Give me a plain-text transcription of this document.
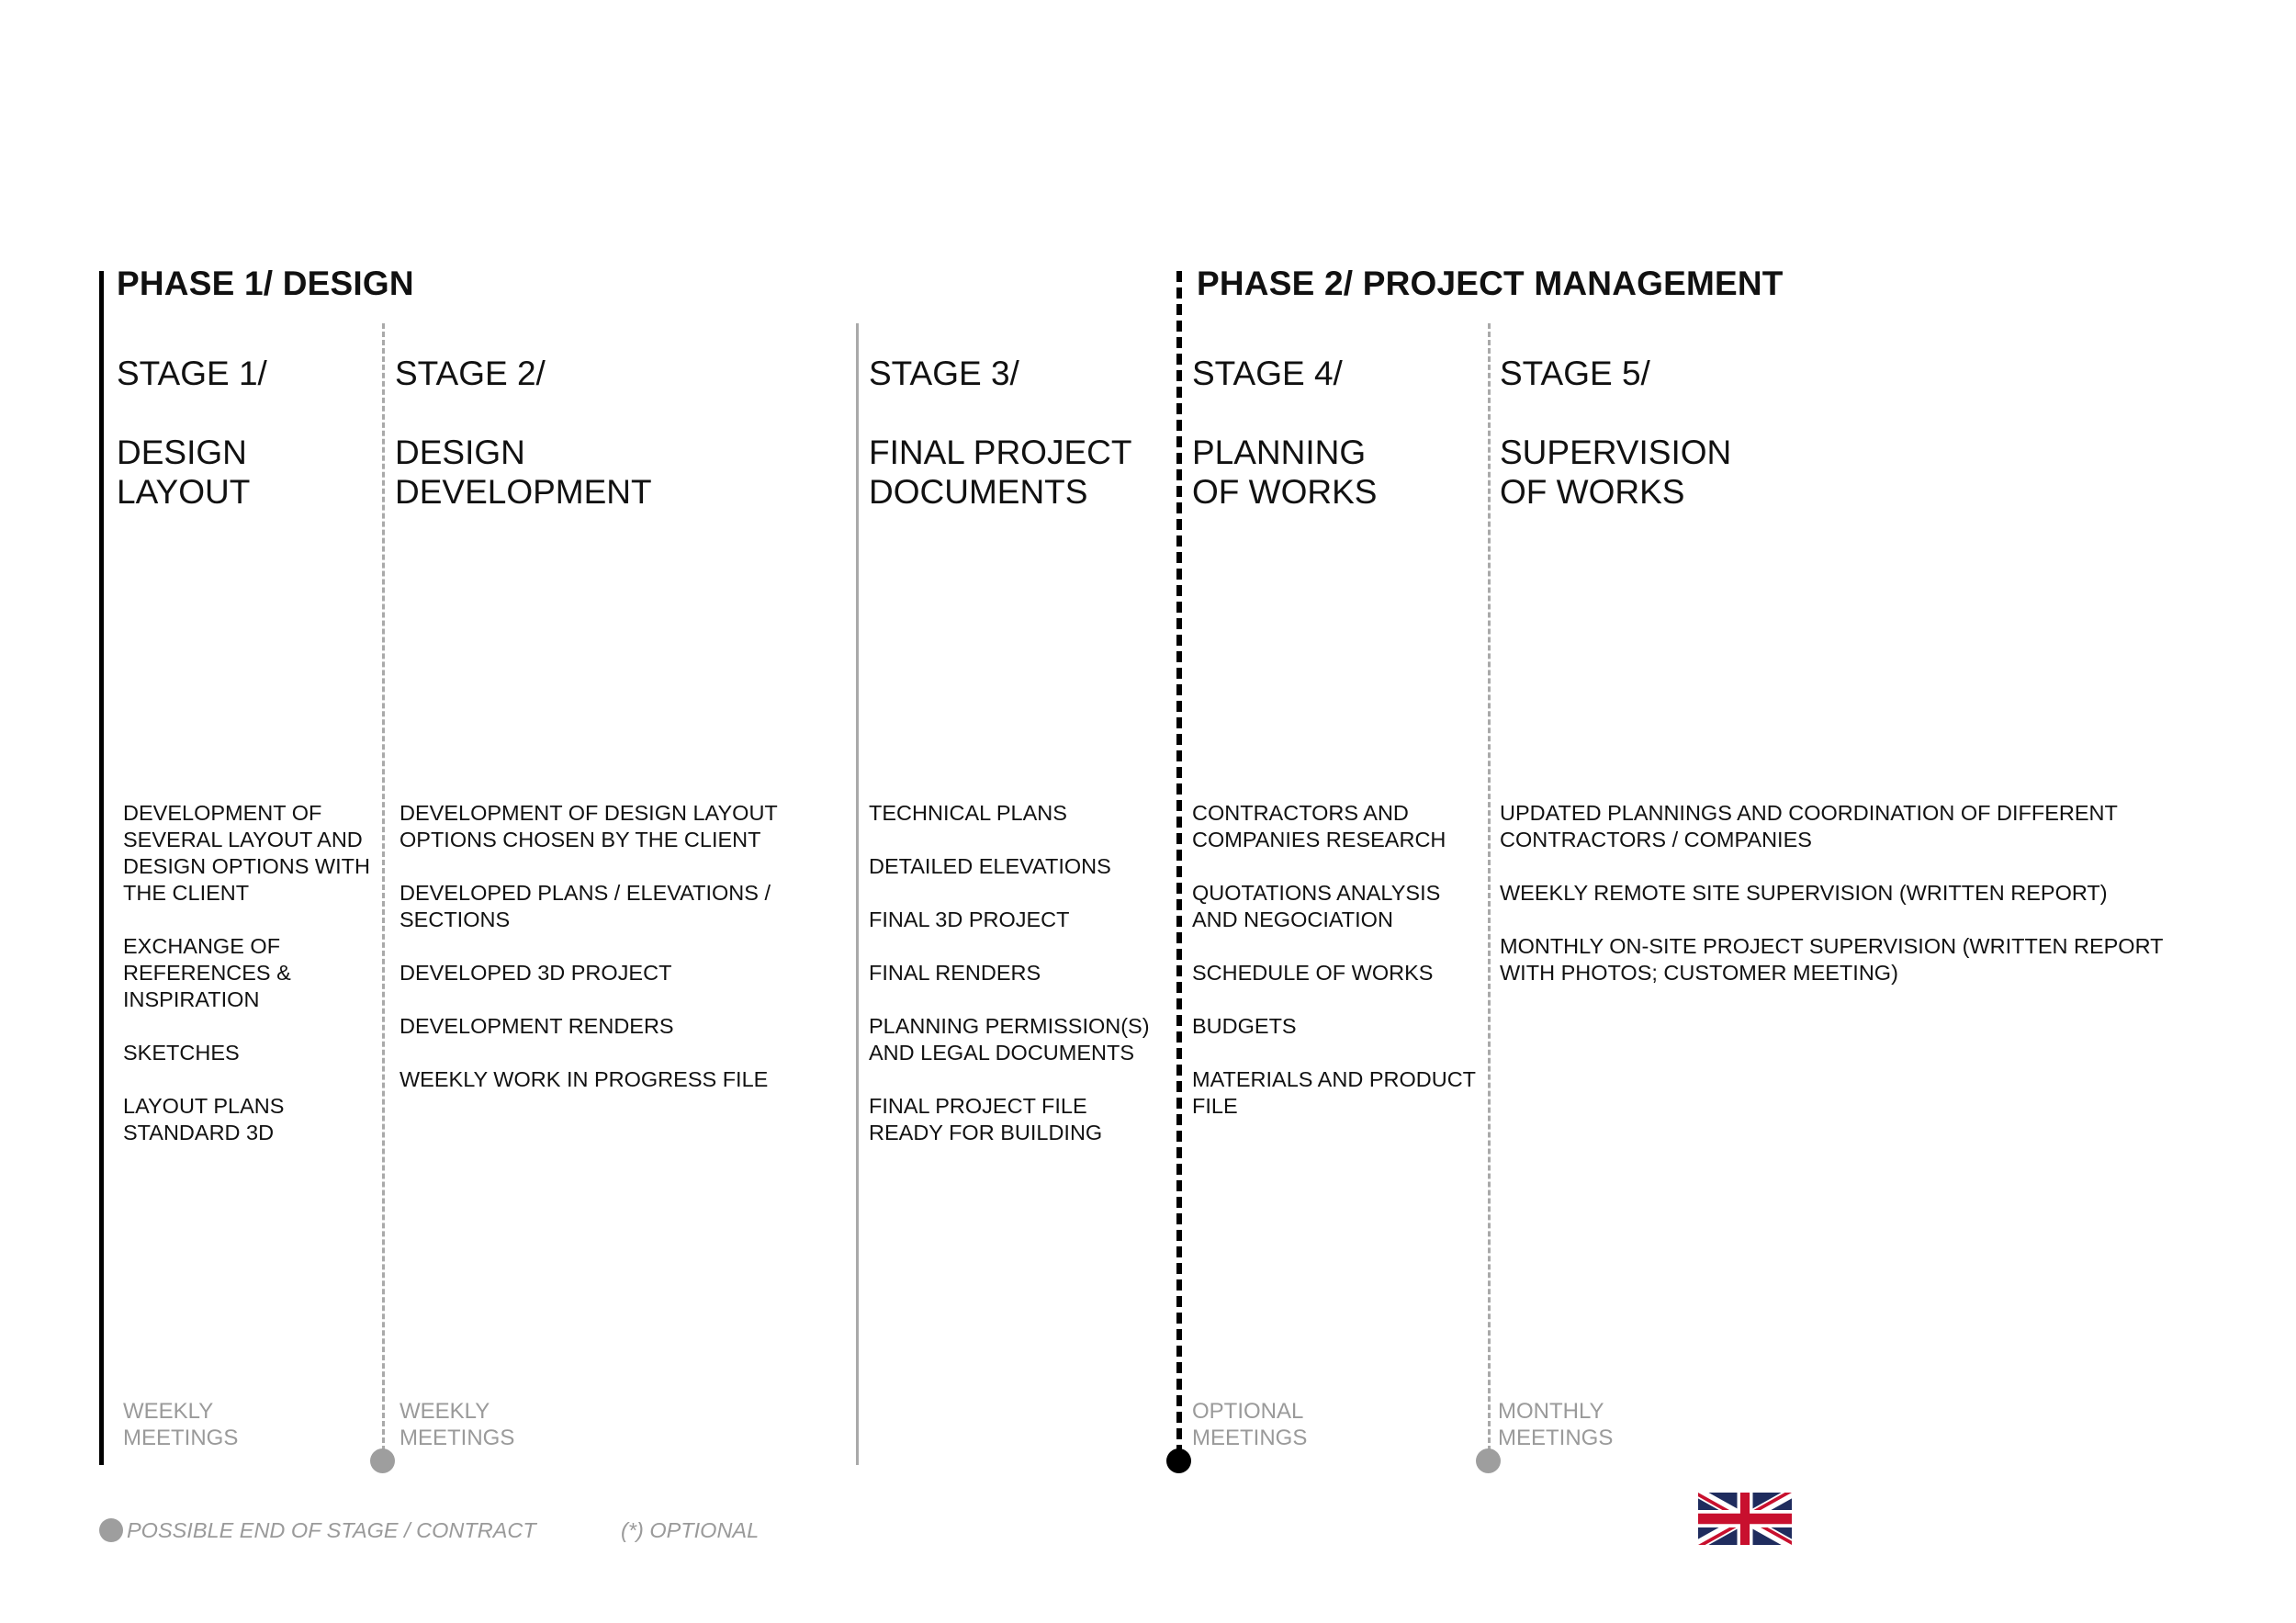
PHASE 1/ DESIGN	PHASE 2/ PROJECT MANAGEMENT
STAGE 1/
DESIGN
LAYOUT
DEVELOPMENT OF
SEVERAL LAYOUT AND
DESIGN OPTIONS WITH
THE CLIENT
EXCHANGE OF
REFERENCES &
INSPIRATION
SKETCHES
LAYOUT PLANS
STANDARD 3D
WEEKLY
MEETINGS
STAGE 2/
DESIGN
DEVELOPMENT
DEVELOPMENT OF DESIGN LAYOUT
OPTIONS CHOSEN BY THE CLIENT
DEVELOPED PLANS / ELEVATIONS /
SECTIONS
DEVELOPED 3D PROJECT
DEVELOPMENT RENDERS
WEEKLY WORK IN PROGRESS FILE
WEEKLY
MEETINGS
STAGE 3/
FINAL PROJECT
DOCUMENTS
TECHNICAL PLANS
DETAILED ELEVATIONS
FINAL 3D PROJECT
FINAL RENDERS
PLANNING PERMISSION(S)
AND LEGAL DOCUMENTS
FINAL PROJECT FILE
READY FOR BUILDING
STAGE 4/
PLANNING
OF WORKS
CONTRACTORS AND
COMPANIES RESEARCH
QUOTATIONS ANALYSIS
AND NEGOCIATION
SCHEDULE OF WORKS
BUDGETS
MATERIALS AND PRODUCT
FILE
OPTIONAL
MEETINGS
STAGE 5/
SUPERVISION
OF WORKS
UPDATED PLANNINGS AND COORDINATION OF DIFFERENT
CONTRACTORS / COMPANIES
WEEKLY REMOTE SITE SUPERVISION (WRITTEN REPORT)
MONTHLY ON-SITE PROJECT SUPERVISION (WRITTEN REPORT
WITH PHOTOS; CUSTOMER MEETING)
MONTHLY
MEETINGS
POSSIBLE END OF STAGE / CONTRACT	(*) OPTIONAL
